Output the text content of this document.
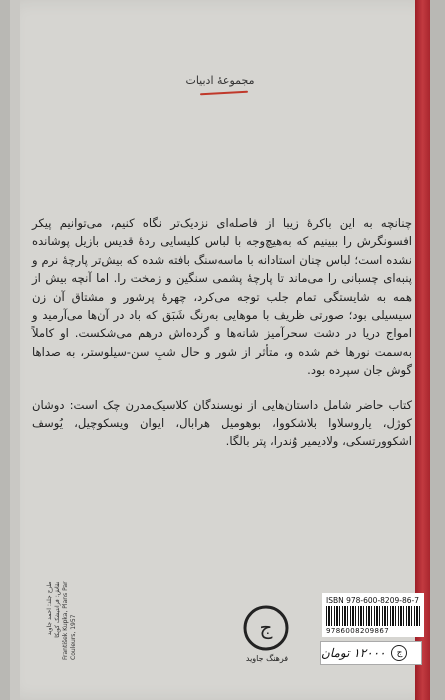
مجموعهٔ ادبیات

چنانچه به این باکرهٔ زیبا از فاصله‌ای نزدیک‌تر نگاه کنیم، می‌توانیم پیکر افسونگرش را ببینیم که به‌هیچ‌وجه با لباس کلیسایی ردهٔ قدیس بازیل پوشانده نشده است؛ لباس چنان استادانه با ماسه‌سنگ بافته شده که بیش‌تر پارچهٔ نرم و پنبه‌ای چسبانی را می‌ماند تا پارچهٔ پشمی سنگین و زمخت را. اما آنچه بیش از همه به شایستگی تمام جلب توجه می‌کرد، چهرهٔ پرشور و مشتاق آن زن سیسیلی بود؛ صورتی ظریف با موهایی به‌رنگ شَبَق که باد در آن‌ها می‌آرمید و امواج دریا در دشت سحرآمیز شانه‌ها و گرده‌اش درهم می‌شکست. او کاملاً به‌سمت نورها خم شده و، متأثر از شور و حال شبِ سن‌-سیلوستر، به صداها گوش جان سپرده بود.

کتاب حاضر شامل داستان‌هایی از نویسندگان کلاسیک‌مدرن چک است: دوشان کوژل، یاروسلاوا بلاشکووا، بوهومیل هرابال، ایوان ویسکوچیل، یُوسف اشکوورتسکی، ولادیمیر وُندرا، پتر بالگا.

طرح جلد: احمد جاوید نقاش: فرانتیشک کوپکا František Kupka, Plans Par Couleurs, 1957	ج
فرهنگ جاوید
ISBN 978-600-8209-86-7
9786008209867
ج
۱۲۰۰۰ تومان
